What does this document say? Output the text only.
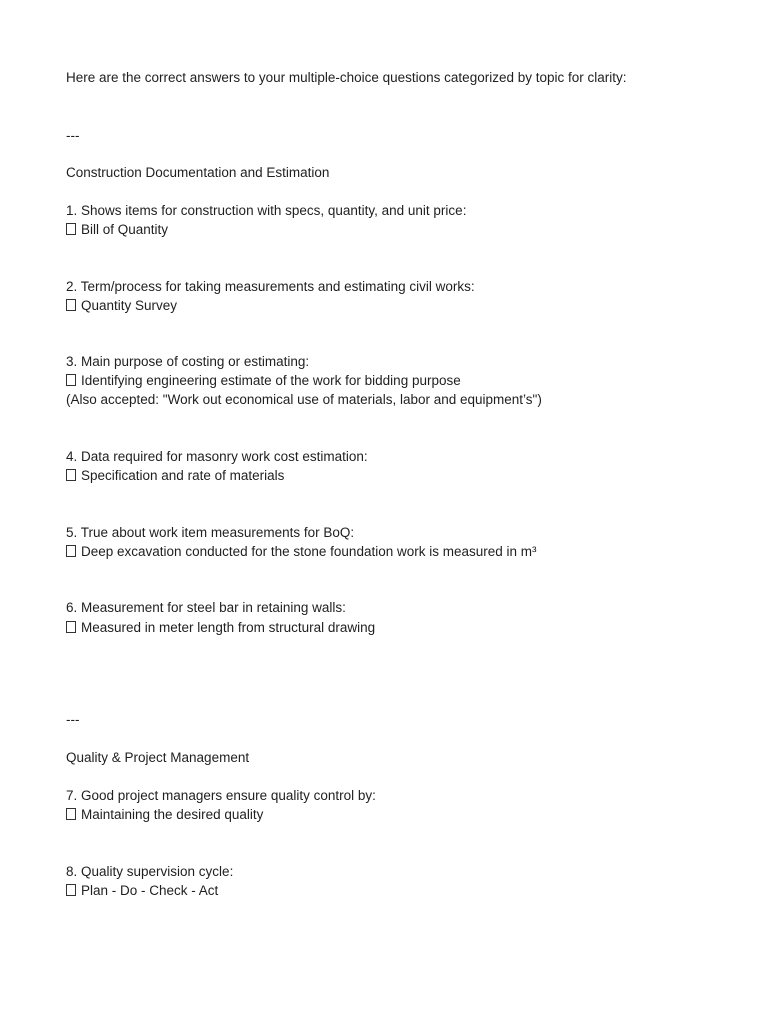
Here are the correct answers to your multiple-choice questions categorized by topic for clarity:
---
Construction Documentation and Estimation
1. Shows items for construction with specs, quantity, and unit price:
Bill of Quantity
2. Term/process for taking measurements and estimating civil works:
Quantity Survey
3. Main purpose of costing or estimating:
Identifying engineering estimate of the work for bidding purpose
(Also accepted: "Work out economical use of materials, labor and equipment’s")
4. Data required for masonry work cost estimation:
Specification and rate of materials
5. True about work item measurements for BoQ:
Deep excavation conducted for the stone foundation work is measured in m³
6. Measurement for steel bar in retaining walls:
Measured in meter length from structural drawing
---
Quality & Project Management
7. Good project managers ensure quality control by:
Maintaining the desired quality
8. Quality supervision cycle:
Plan - Do - Check - Act
